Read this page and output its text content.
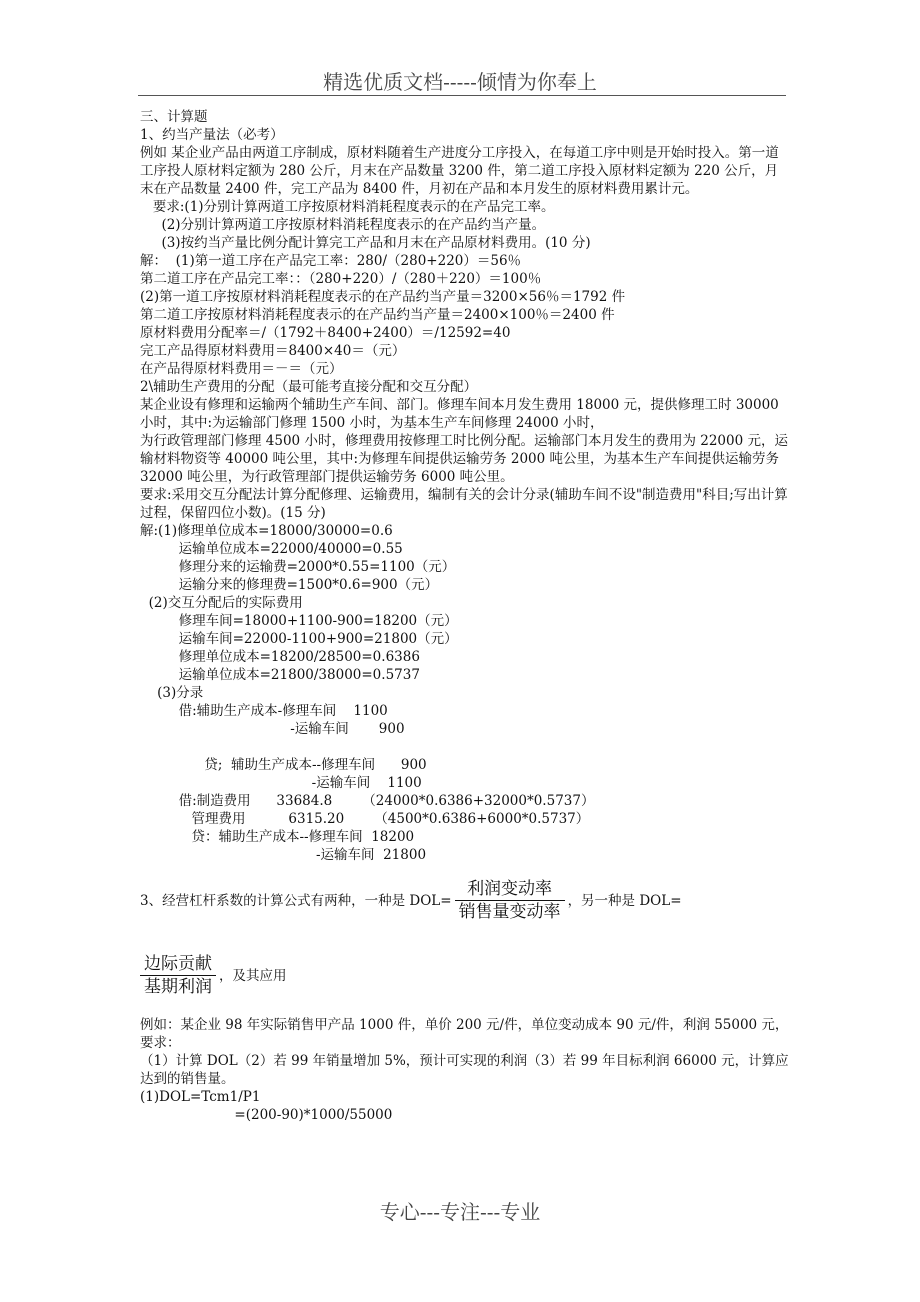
精选优质文档-----倾情为你奉上
三、计算题
1、约当产量法（必考）
例如 某企业产品由两道工序制成，原材料随着生产进度分工序投入，在每道工序中则是开始时投入。第一道工序投人原材料定额为 280 公斤，月末在产品数量 3200 件，第二道工序投入原材料定额为 220 公斤，月末在产品数量 2400 件，完工产品为 8400 件，月初在产品和本月发生的原材料费用累计元。
要求:(1)分别计算两道工序按原材料消耗程度表示的在产品完工率。
(2)分别计算两道工序按原材料消耗程度表示的在产品约当产量。
(3)按约当产量比例分配计算完工产品和月末在产品原材料费用。(10 分)
解：  (1)第一道工序在产品完工率：280/（280+220）＝56％
第二道工序在产品完工率：：（280+220）/（280＋220）＝100％
(2)第一道工序按原材料消耗程度表示的在产品约当产量＝3200×56％＝1792 件
第二道工序按原材料消耗程度表示的在产品约当产量＝2400×100％＝2400 件
原材料费用分配率＝/（1792＋8400+2400）＝/12592=40
完工产品得原材料费用＝8400×40＝（元）
在产品得原材料费用＝－＝（元）
2\辅助生产费用的分配（最可能考直接分配和交互分配）
某企业设有修理和运输两个辅助生产车间、部门。修理车间本月发生费用 18000 元，提供修理工时 30000 小时，其中:为运输部门修理 1500 小时，为基本生产车间修理 24000 小时，
为行政管理部门修理 4500 小时，修理费用按修理工时比例分配。运输部门本月发生的费用为 22000 元，运输材料物资等 40000 吨公里，其中:为修理车间提供运输劳务 2000 吨公里，为基本生产车间提供运输劳务 32000 吨公里，为行政管理部门提供运输劳务 6000 吨公里。
要求:采用交互分配法计算分配修理、运输费用，编制有关的会计分录(辅助车间不设"制造费用"科目;写出计算过程，保留四位小数)。(15 分)
解:(1)修理单位成本=18000/30000=0.6
运输单位成本=22000/40000=0.55
修理分来的运输费=2000*0.55=1100（元）
运输分来的修理费=1500*0.6=900（元）
(2)交互分配后的实际费用
修理车间=18000+1100-900=18200（元）
运输车间=22000-1100+900=21800（元）
修理单位成本=18200/28500=0.6386
运输单位成本=21800/38000=0.5737
(3)分录
借:辅助生产成本-修理车间    1100
-运输车间       900
贷;  辅助生产成本--修理车间      900
-运输车间    1100
借:制造费用      33684.8       （24000*0.6386+32000*0.5737）
管理费用          6315.20       （4500*0.6386+6000*0.5737）
贷：辅助生产成本--修理车间  18200
-运输车间  21800
3、经营杠杆系数的计算公式有两种，一种是 $DOL= \frac{\text{利润变动率}}{\text{销售量变动率}}$ ，另一种是 DOL=
$\frac{\text{边际贡献}}{\text{基期利润}}$ ，及其应用
例如：某企业 98 年实际销售甲产品 1000 件，单价 200 元/件，单位变动成本 90 元/件，利润 55000 元，要求：
（1）计算 DOL（2）若 99 年销量增加 5%，预计可实现的利润（3）若 99 年目标利润 66000 元，计算应达到的销售量。
(1)DOL=Tcm1/P1
=(200-90)*1000/55000
专心---专注---专业
